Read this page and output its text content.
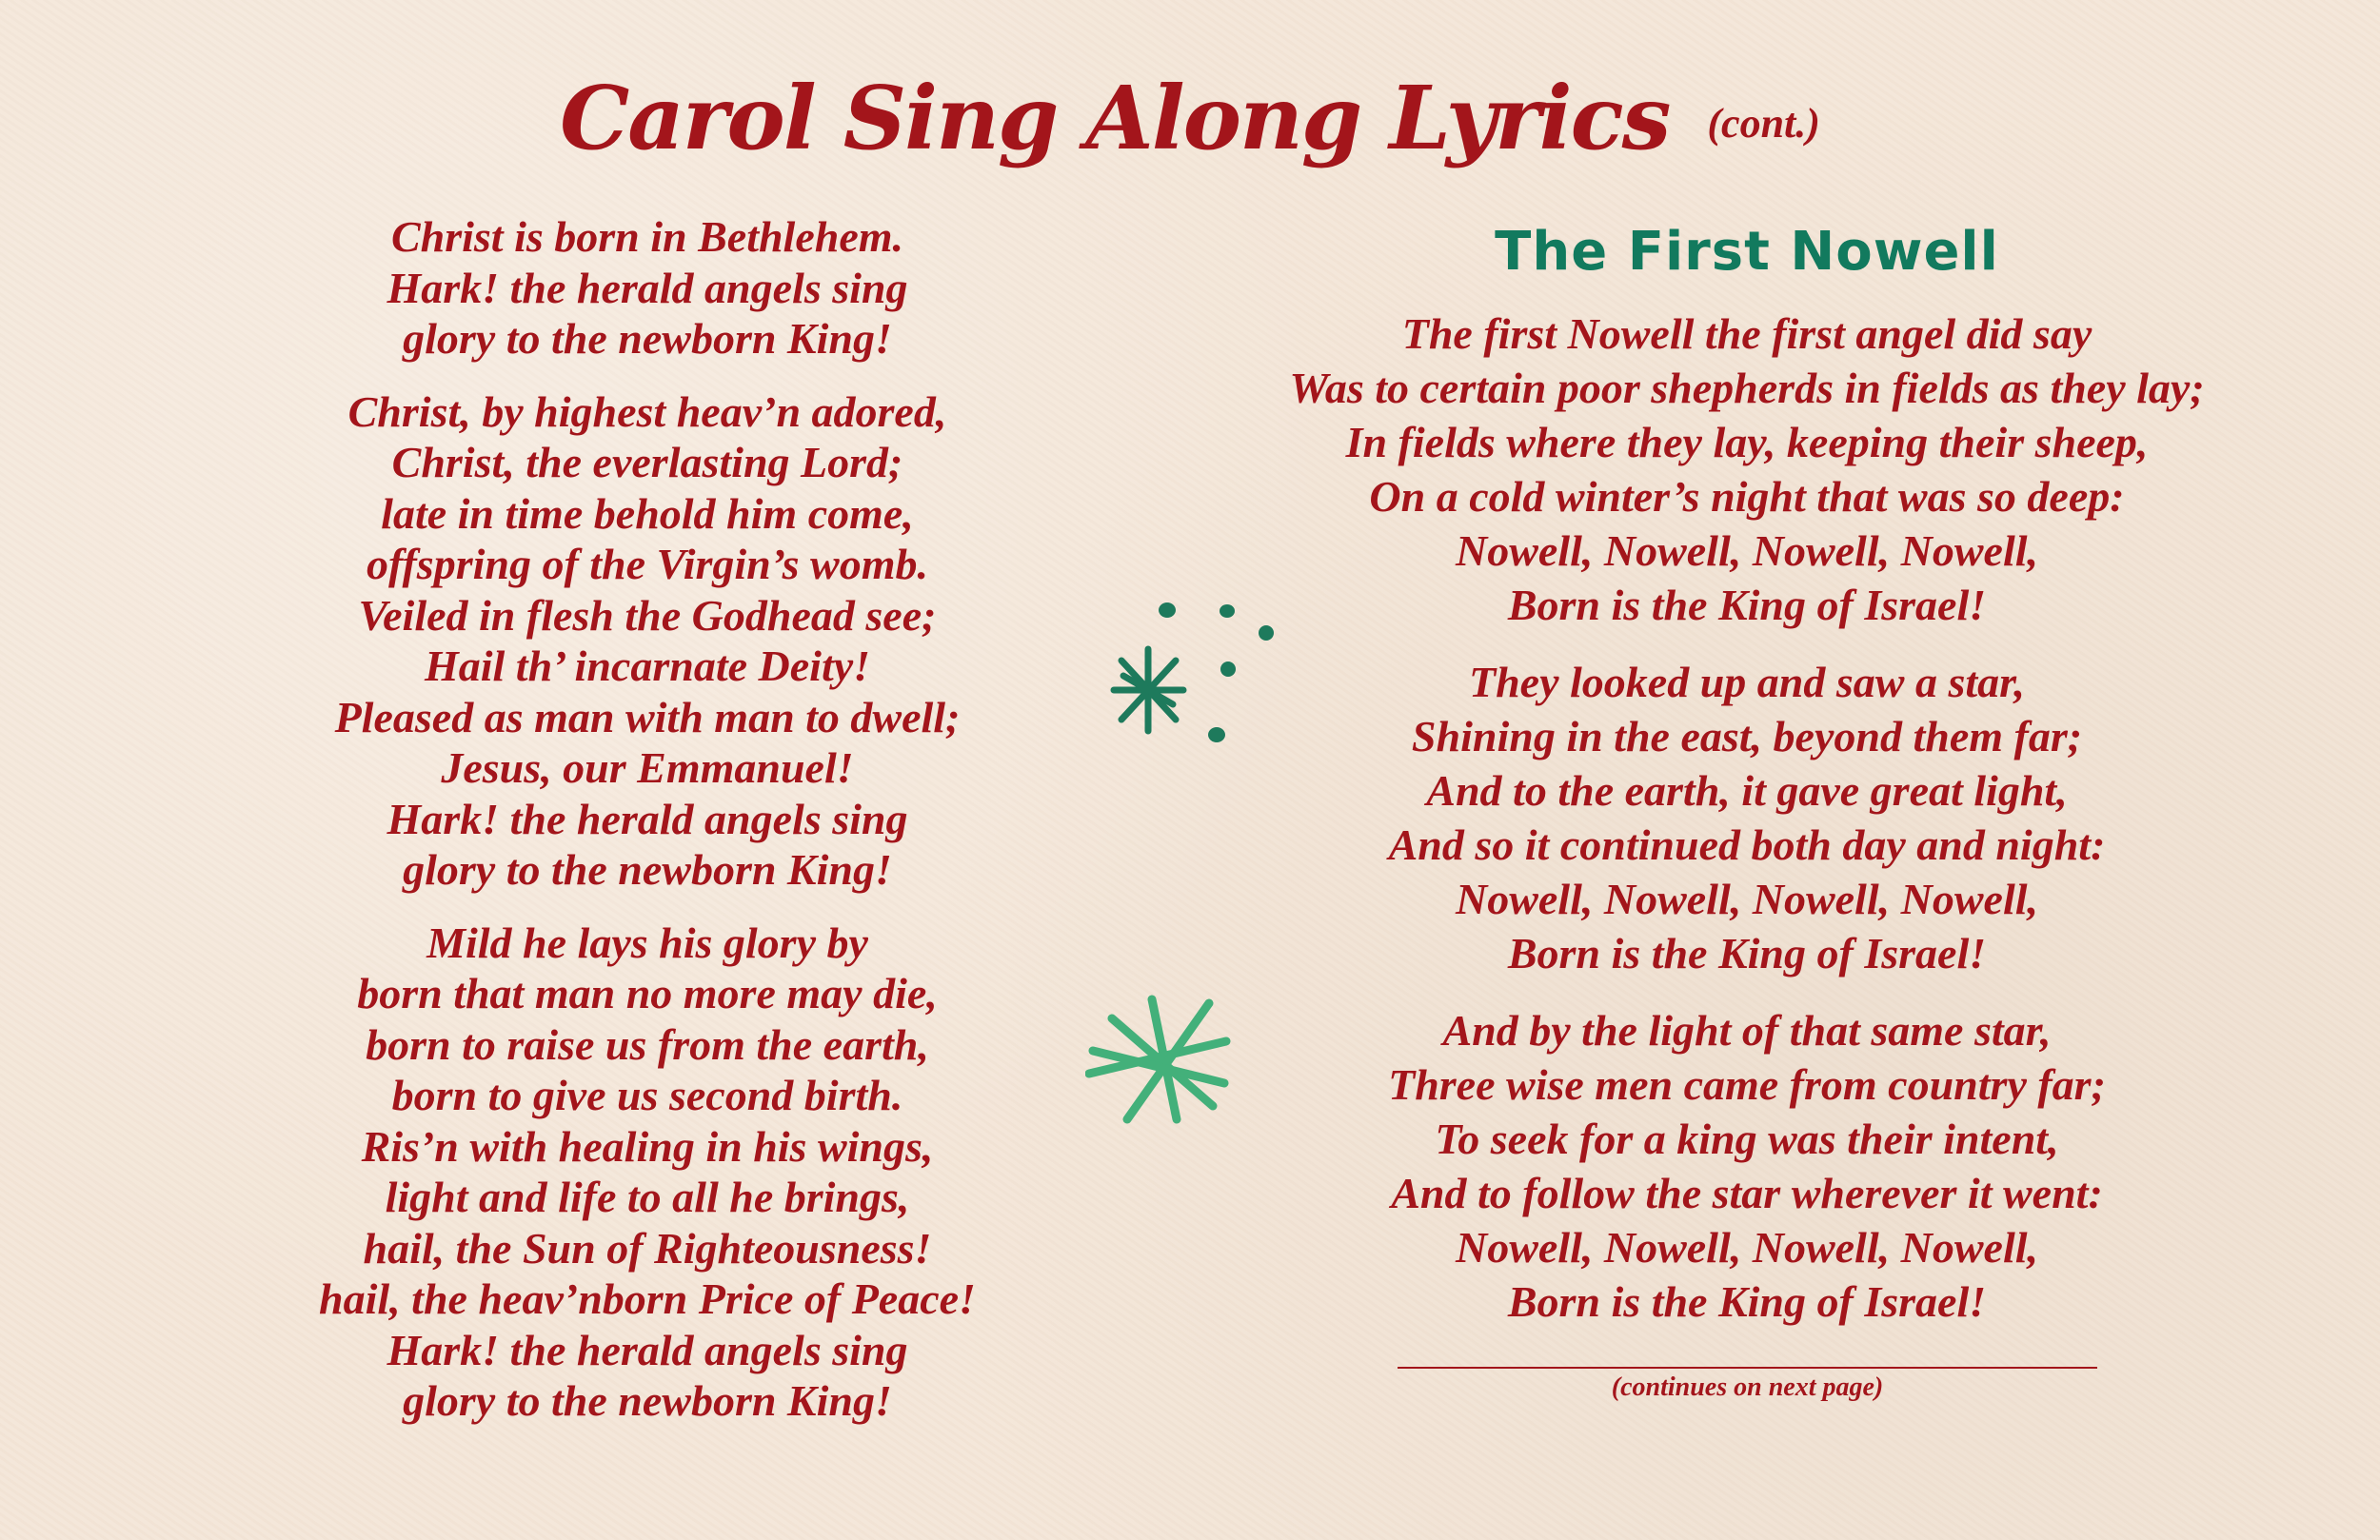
Carol Sing Along Lyrics (cont.)

Christ is born in Bethlehem.
Hark! the herald angels sing
glory to the newborn King!

Christ, by highest heav’n adored,
Christ, the everlasting Lord;
late in time behold him come,
offspring of the Virgin’s womb.
Veiled in flesh the Godhead see;
Hail th’ incarnate Deity!
Pleased as man with man to dwell;
Jesus, our Emmanuel!
Hark! the herald angels sing
glory to the newborn King!

Mild he lays his glory by
born that man no more may die,
born to raise us from the earth,
born to give us second birth.
Ris’n with healing in his wings,
light and life to all he brings,
hail, the Sun of Righteousness!
hail, the heav’nborn Price of Peace!
Hark! the herald angels sing
glory to the newborn King!

The First Nowell

The first Nowell the first angel did say
Was to certain poor shepherds in fields as they lay;
In fields where they lay, keeping their sheep,
On a cold winter’s night that was so deep:
Nowell, Nowell, Nowell, Nowell,
Born is the King of Israel!

They looked up and saw a star,
Shining in the east, beyond them far;
And to the earth, it gave great light,
And so it continued both day and night:
Nowell, Nowell, Nowell, Nowell,
Born is the King of Israel!

And by the light of that same star,
Three wise men came from country far;
To seek for a king was their intent,
And to follow the star wherever it went:
Nowell, Nowell, Nowell, Nowell,
Born is the King of Israel!

(continues on next page)
